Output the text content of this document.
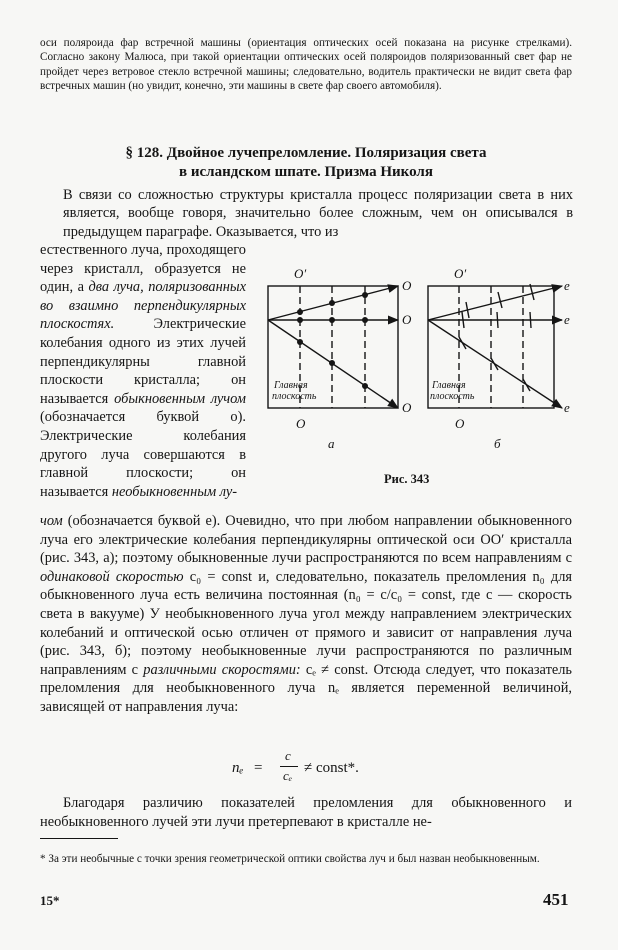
оси поляроида фар встречной машины (ориентация оптических осей показана на рисунке стрелками). Согласно закону Малюса, при такой ориентации оптических осей поляроидов поляризованный свет фар не пройдет через ветровое стекло встречной машины; следовательно, водитель практически не видит света фар встречных машин (но увидит, конечно, эти машины в свете фар своего автомобиля).
§ 128. Двойное лучепреломление. Поляризация света
в исландском шпате. Призма Николя
В связи со сложностью структуры кристалла процесс поляризации света в них является, вообще говоря, значительно более сложным, чем он описывался в предыдущем параграфе. Оказывается, что из
естественного луча, проходящего через кристалл, образуется не один, а два луча, поляризованных во взаимно перпендикулярных плоскостях.	Электрические колебания одного из этих лучей перпендикулярны главной плоскости кристалла; он называется обыкновенным лучом (обозначается буквой o). Электрические колебания другого луча совершаются в главной плоскости; он называется необыкновенным лу-
O′
O
O
O
O
O′
O
e
e
e
а	б
Главная
плоскость
Главная
плоскость
Рис. 343
чом (обозначается буквой e). Очевидно, что при любом направлении обыкновенного луча его электрические колебания перпендикулярны оптической оси OO′ кристалла (рис. 343, а); поэтому обыкновенные лучи распространяются по всем направлениям с одинаковой скоростью c₀ = const и, следовательно, показатель преломления n₀ для обыкновенного луча есть величина постоянная (n₀ = c/c₀ = const, где c — скорость света в вакууме) У необыкновенного луча угол между направлением электрических колебаний и оптической осью отличен от прямого и зависит от направления луча (рис. 343, б); поэтому необыкновенные лучи распространяются по различным направлениям с различными скоростями: cₑ ≠ const. Отсюда следует, что показатель преломления для необыкновенного луча nₑ является переменной величиной, зависящей от направления луча:
nₑ =
c
cₑ ≠ const*.
Благодаря различию показателей преломления для обыкновенного и необыкновенного лучей эти лучи претерпевают в кристалле не-
* За эти необычные с точки зрения геометрической оптики свойства луч и был назван необыкновенным.
15*	451
